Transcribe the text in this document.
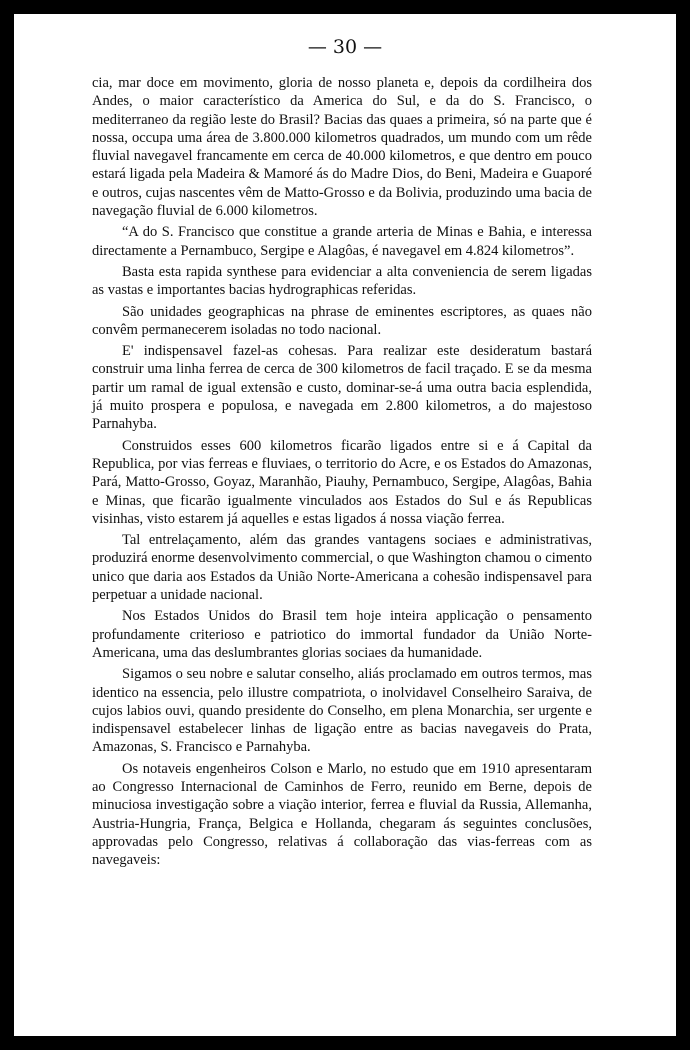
— 30 —

cia, mar doce em movimento, gloria de nosso planeta e, depois da cordilheira dos Andes, o maior característico da America do Sul, e da do S. Francisco, o mediterraneo da região leste do Brasil? Bacias das quaes a primeira, só na parte que é nossa, occupa uma área de 3.800.000 kilometros quadrados, um mundo com um rêde fluvial navegavel francamente em cerca de 40.000 kilometros, e que dentro em pouco estará ligada pela Madeira & Mamoré ás do Madre Dios, do Beni, Madeira e Guaporé e outros, cujas nascentes vêm de Matto-Grosso e da Bolivia, produzindo uma bacia de navegação fluvial de 6.000 kilometros.

“A do S. Francisco que constitue a grande arteria de Minas e Bahia, e interessa directamente a Pernambuco, Sergipe e Alagôas, é navegavel em 4.824 kilometros”.

Basta esta rapida synthese para evidenciar a alta conveniencia de serem ligadas as vastas e importantes bacias hydrographicas referidas.

São unidades geographicas na phrase de eminentes escriptores, as quaes não convêm permanecerem isoladas no todo nacional.

E' indispensavel fazel-as cohesas. Para realizar este desideratum bastará construir uma linha ferrea de cerca de 300 kilometros de facil traçado. E se da mesma partir um ramal de igual extensão e custo, dominar-se-á uma outra bacia esplendida, já muito prospera e populosa, e navegada em 2.800 kilometros, a do majestoso Parnahyba.

Construidos esses 600 kilometros ficarão ligados entre si e á Capital da Republica, por vias ferreas e fluviaes, o territorio do Acre, e os Estados do Amazonas, Pará, Matto-Grosso, Goyaz, Maranhão, Piauhy, Pernambuco, Sergipe, Alagôas, Bahia e Minas, que ficarão igualmente vinculados aos Estados do Sul e ás Republicas visinhas, visto estarem já aquelles e estas ligados á nossa viação ferrea.

Tal entrelaçamento, além das grandes vantagens sociaes e administrativas, produzirá enorme desenvolvimento commercial, o que Washington chamou o cimento unico que daria aos Estados da União Norte-Americana a cohesão indispensavel para perpetuar a unidade nacional.

Nos Estados Unidos do Brasil tem hoje inteira applicação o pensamento profundamente criterioso e patriotico do immortal fundador da União Norte-Americana, uma das deslumbrantes glorias sociaes da humanidade.

Sigamos o seu nobre e salutar conselho, aliás proclamado em outros termos, mas identico na essencia, pelo illustre compatriota, o inolvidavel Conselheiro Saraiva, de cujos labios ouvi, quando presidente do Conselho, em plena Monarchia, ser urgente e indispensavel estabelecer linhas de ligação entre as bacias navegaveis do Prata, Amazonas, S. Francisco e Parnahyba.

Os notaveis engenheiros Colson e Marlo, no estudo que em 1910 apresentaram ao Congresso Internacional de Caminhos de Ferro, reunido em Berne, depois de minuciosa investigação sobre a viação interior, ferrea e fluvial da Russia, Allemanha, Austria-Hungria, França, Belgica e Hollanda, chegaram ás seguintes conclusões, approvadas pelo Congresso, relativas á collaboração das vias-ferreas com as navegaveis:
